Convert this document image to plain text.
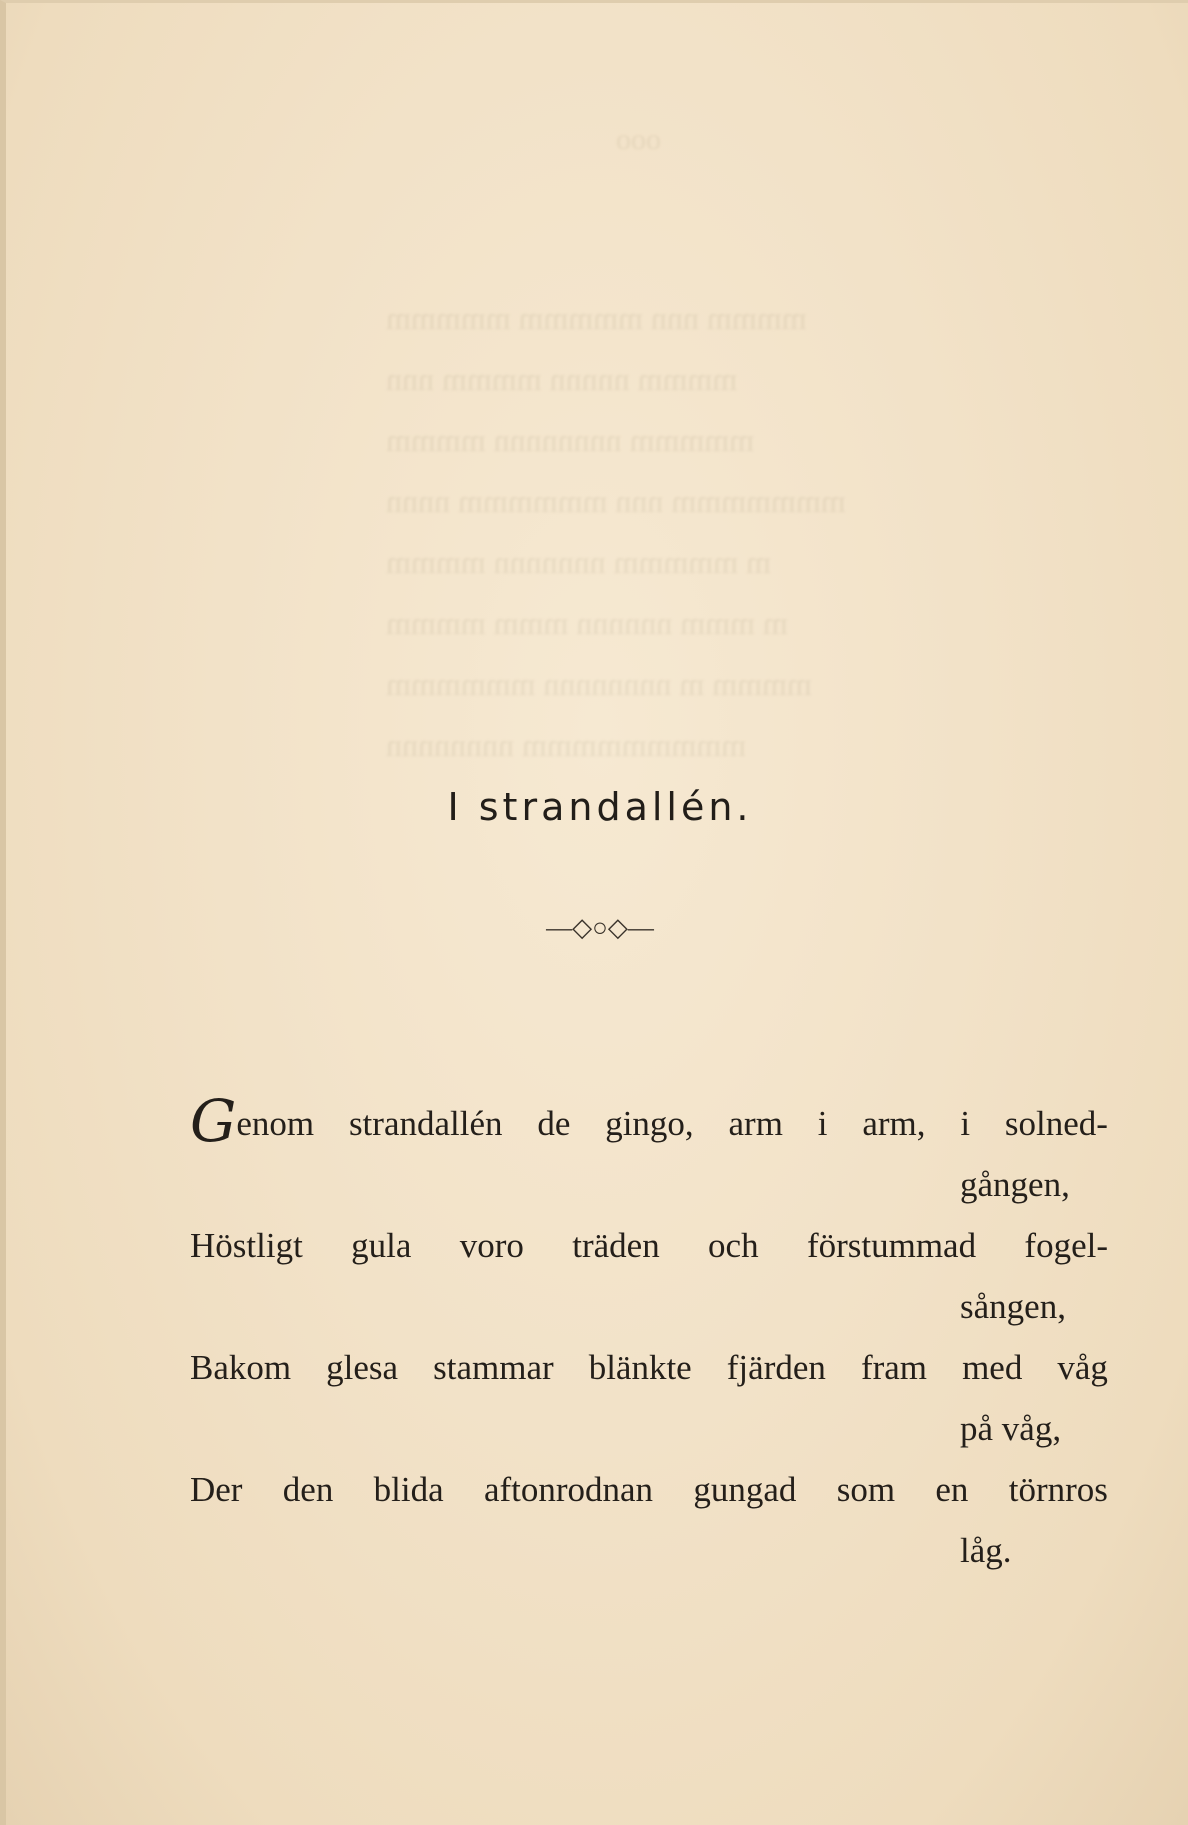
ooo
mmmm nnn mmmmm mmmmm
mmmm nnnnn mmmm nnn
mmmmm nnnnnnnn mmmm
mmmmmmm nnn mmmmmm nnnn
m mmmmm nnnnnnn mmmm
m mmm nnnnnn mmm mmmm
mmmm m nnnnnnnn mmmmmm
mmmmmmmmm nnnnnnnn
I strandallén.
—◇○◇—
Genom strandallén de gingo, arm i arm, i solned-
gången,
Höstligt gula voro träden och förstummad fogel-
sången,
Bakom glesa stammar blänkte fjärden fram med våg
på våg,
Der den blida aftonrodnan gungad som en törnros
låg.
